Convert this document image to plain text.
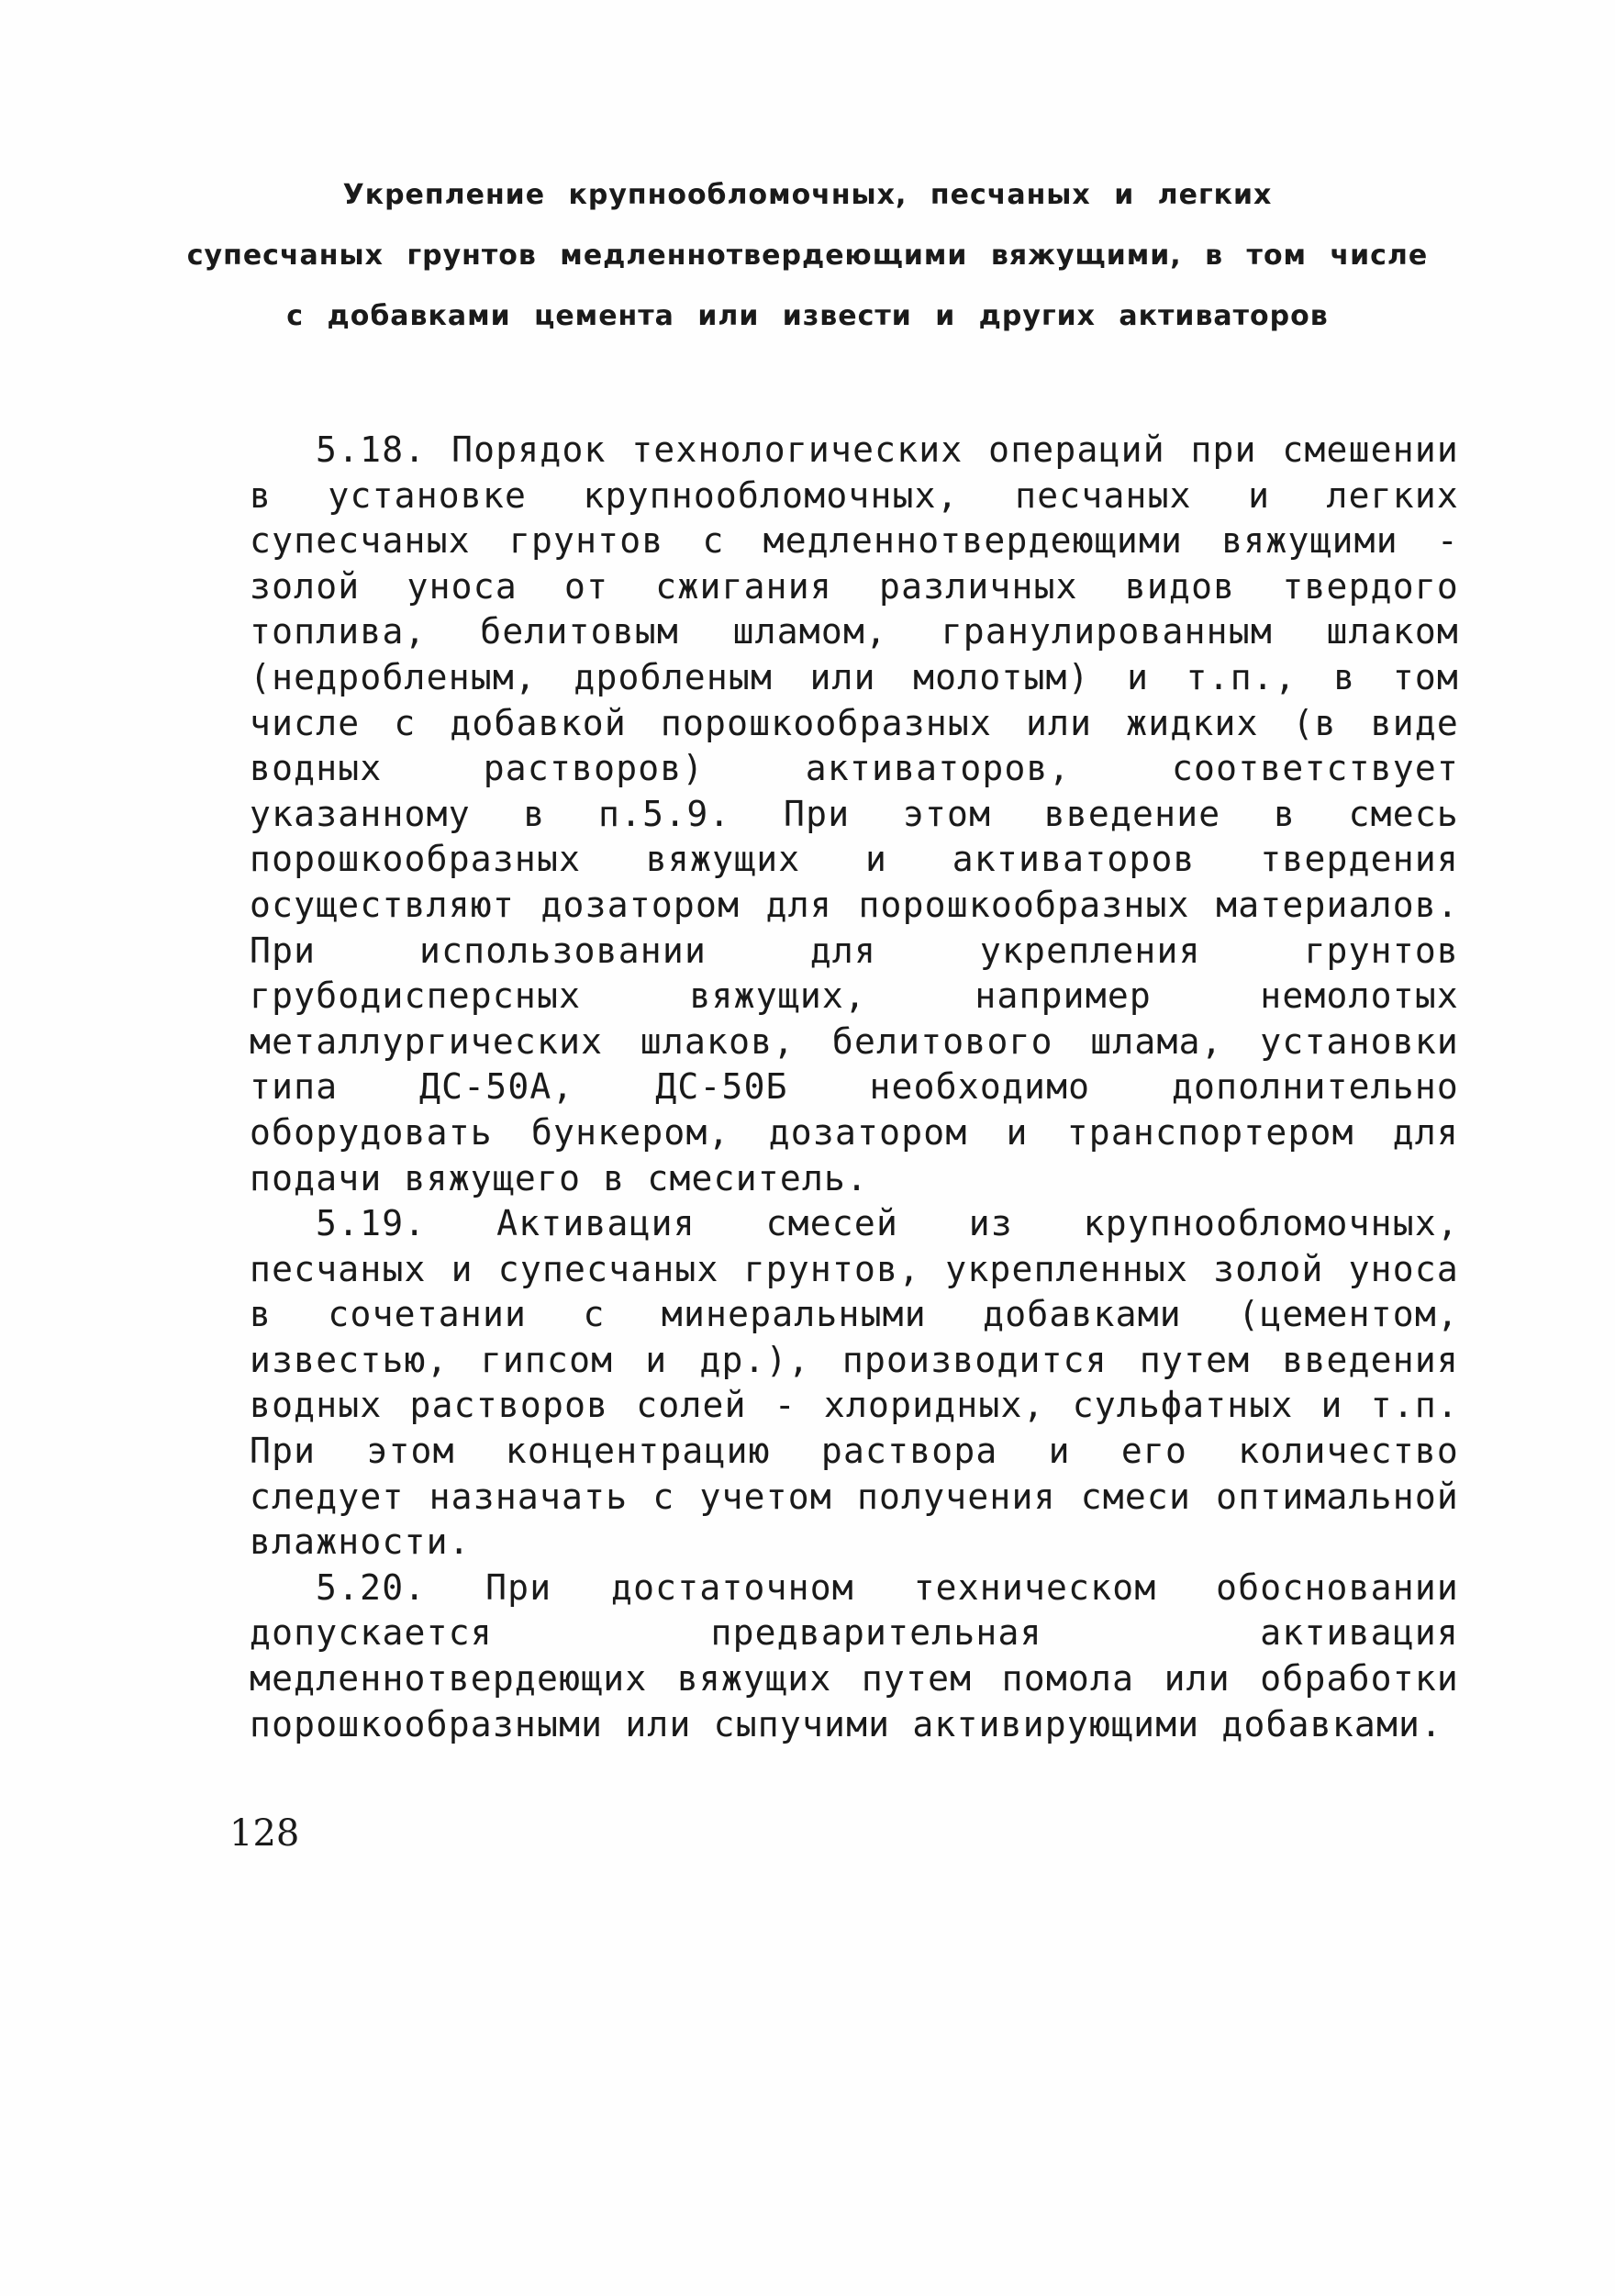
Укрепление крупнообломочных, песчаных и легких
супесчаных грунтов медленнотвердеющими вяжущими, в том числе
с добавками цемента или извести и других активаторов

5.18. Порядок технологических операций при смешении в установке крупнообломочных, песчаных и легких супесчаных грунтов с медленнотвердеющими вяжущими - золой уноса от сжигания различных видов твердого топлива, белитовым шламом, гранулированным шлаком (недробленым, дробленым или молотым) и т.п., в том числе с добавкой порошкообразных или жидких (в виде водных растворов) активаторов, соответствует указанному в п.5.9. При этом введение в смесь порошкообразных вяжущих и активаторов твердения осуществляют дозатором для порошкообразных материалов. При использовании для укрепления грунтов грубодисперсных вяжущих, например немолотых металлургических шлаков, белитового шлама, установки типа ДС-50А, ДС-50Б необходимо дополнительно оборудовать бункером, дозатором и транспортером для подачи вяжущего в смеситель.

5.19. Активация смесей из крупнообломочных, песчаных и супесчаных грунтов, укрепленных золой уноса в сочетании с минеральными добавками (цементом, известью, гипсом и др.), производится путем введения водных растворов солей - хлоридных, сульфатных и т.п. При этом концентрацию раствора и его количество следует назначать с учетом получения смеси оптимальной влажности.

5.20. При достаточном техническом обосновании допускается предварительная активация медленнотвердеющих вяжущих путем помола или обработки порошкообразными или сыпучими активирующими добавками.

128
